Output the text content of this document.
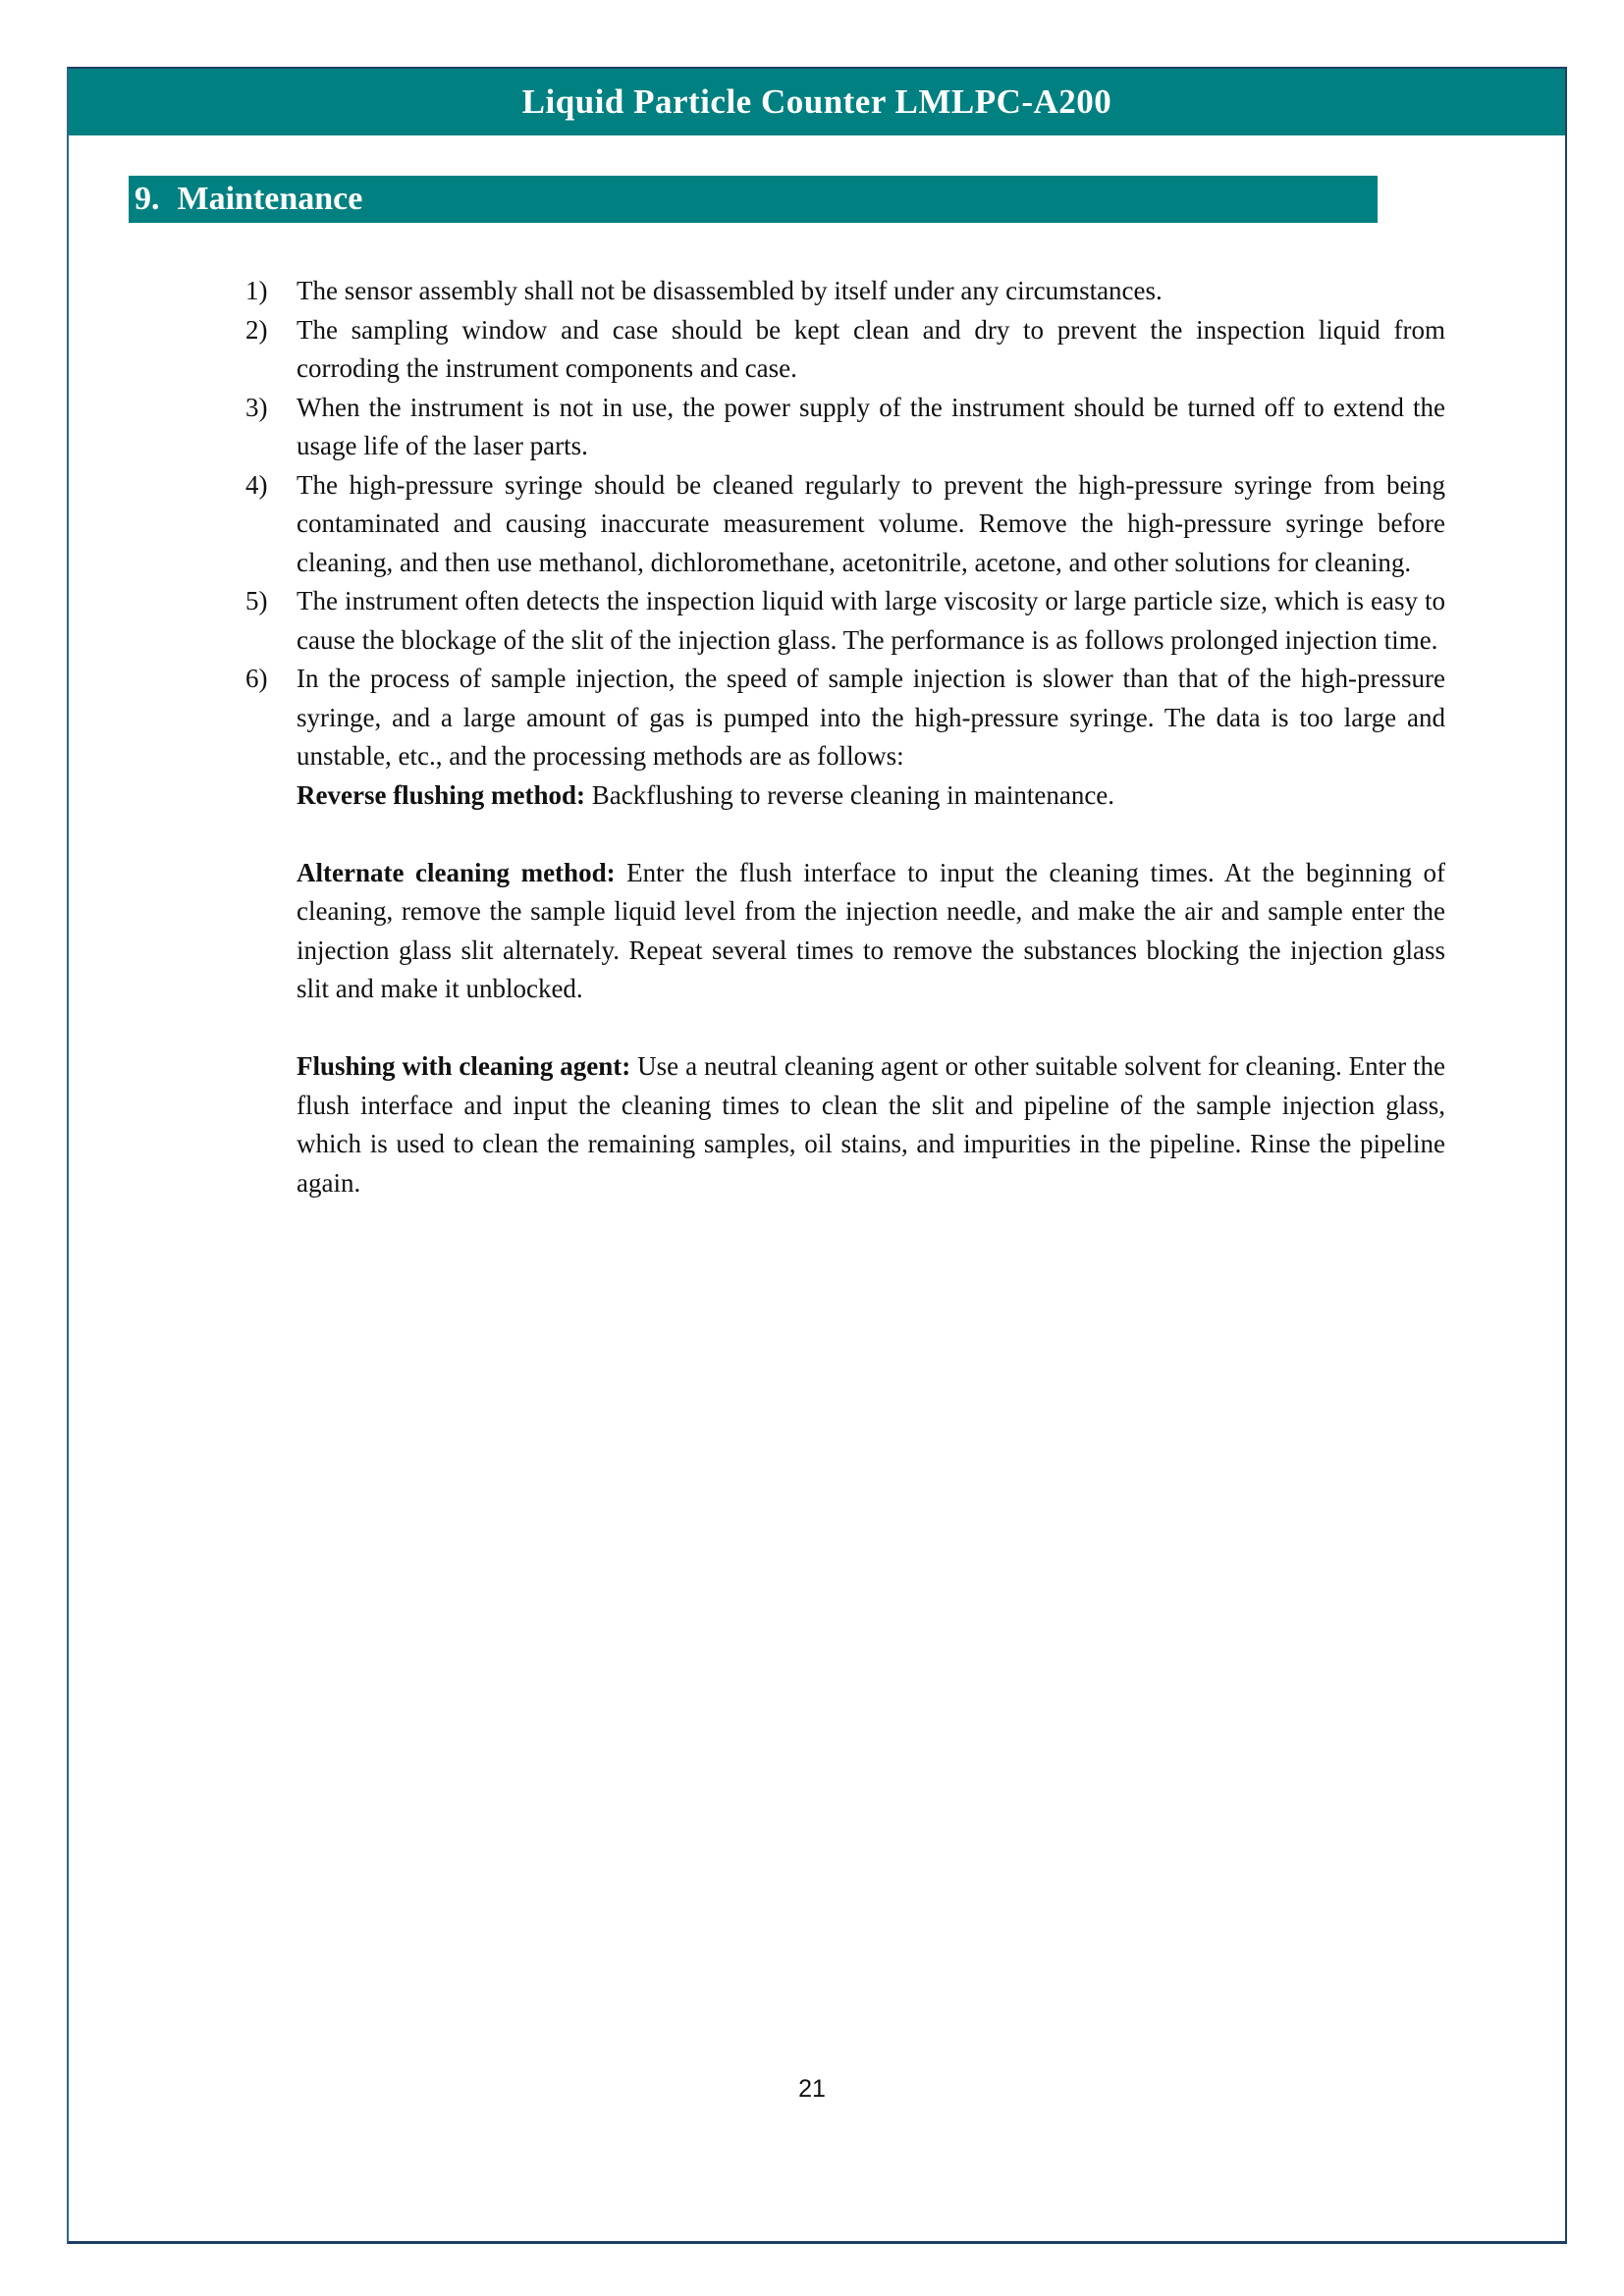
Liquid Particle Counter LMLPC-A200
9. Maintenance
1) The sensor assembly shall not be disassembled by itself under any circumstances.
2) The sampling window and case should be kept clean and dry to prevent the inspection liquid from corroding the instrument components and case.
3) When the instrument is not in use, the power supply of the instrument should be turned off to extend the usage life of the laser parts.
4) The high-pressure syringe should be cleaned regularly to prevent the high-pressure syringe from being contaminated and causing inaccurate measurement volume. Remove the high-pressure syringe before cleaning, and then use methanol, dichloromethane, acetonitrile, acetone, and other solutions for cleaning.
5) The instrument often detects the inspection liquid with large viscosity or large particle size, which is easy to cause the blockage of the slit of the injection glass. The performance is as follows prolonged injection time.
6) In the process of sample injection, the speed of sample injection is slower than that of the high-pressure syringe, and a large amount of gas is pumped into the high-pressure syringe. The data is too large and unstable, etc., and the processing methods are as follows:

Reverse flushing method: Backflushing to reverse cleaning in maintenance.

Alternate cleaning method: Enter the flush interface to input the cleaning times. At the beginning of cleaning, remove the sample liquid level from the injection needle, and make the air and sample enter the injection glass slit alternately. Repeat several times to remove the substances blocking the injection glass slit and make it unblocked.

Flushing with cleaning agent: Use a neutral cleaning agent or other suitable solvent for cleaning. Enter the flush interface and input the cleaning times to clean the slit and pipeline of the sample injection glass, which is used to clean the remaining samples, oil stains, and impurities in the pipeline. Rinse the pipeline again.

21
